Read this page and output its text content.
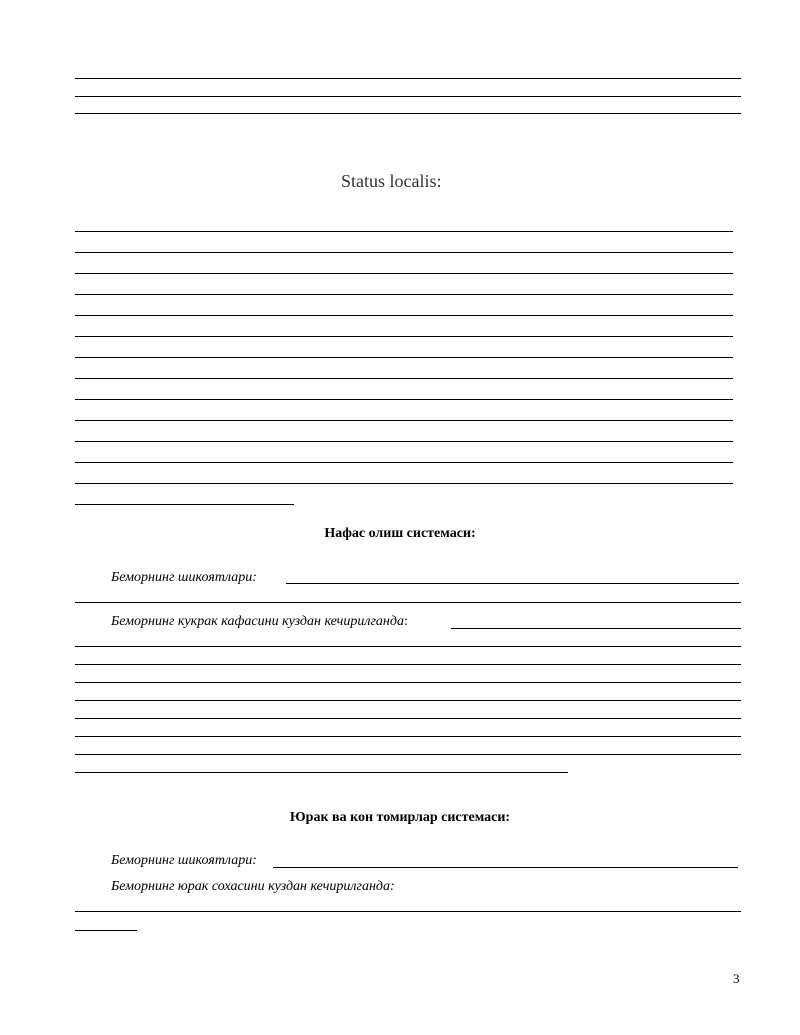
Status localis:
Нафас олиш системаси:
Беморнинг шикоятлари:
Беморнинг кукрак кафасини куздан кечирилганда:
Юрак ва кон томирлар системаси:
Беморнинг шикоятлари:
Беморнинг юрак сохасини куздан кечирилганда:
3
